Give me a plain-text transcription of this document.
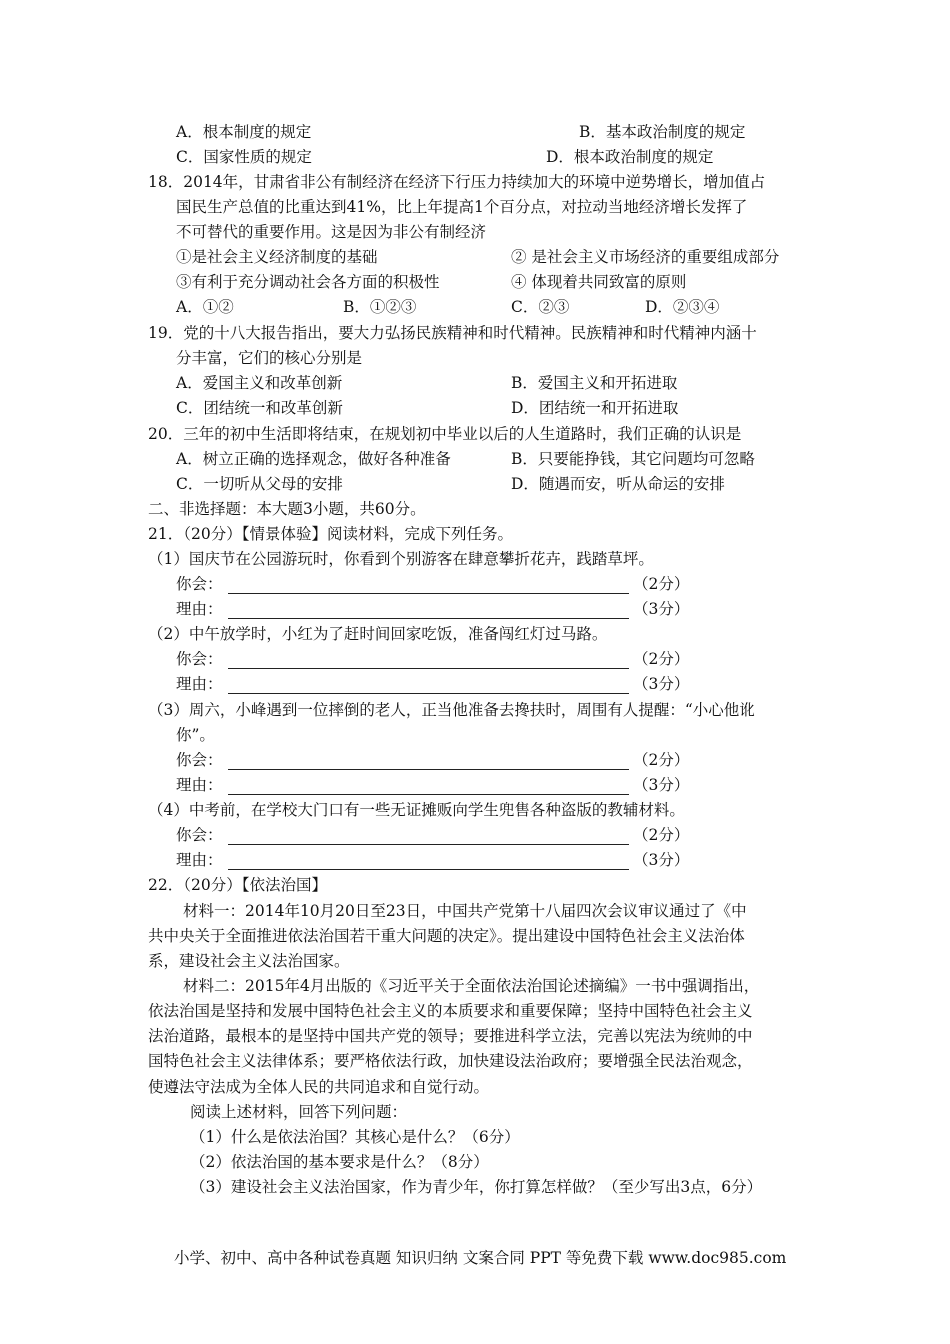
A．根本制度的规定	B．基本政治制度的规定
C．国家性质的规定	D．根本政治制度的规定
18．2014年，甘肃省非公有制经济在经济下行压力持续加大的环境中逆势增长，增加值占
国民生产总值的比重达到41%，比上年提高1个百分点，对拉动当地经济增长发挥了
不可替代的重要作用。这是因为非公有制经济
①是社会主义经济制度的基础	② 是社会主义市场经济的重要组成部分
③有利于充分调动社会各方面的积极性	④ 体现着共同致富的原则
A．①②	B．①②③	C．②③	D．②③④
19．党的十八大报告指出，要大力弘扬民族精神和时代精神。民族精神和时代精神内涵十
分丰富，它们的核心分别是
A．爱国主义和改革创新	B．爱国主义和开拓进取
C．团结统一和改革创新	D．团结统一和开拓进取
20．三年的初中生活即将结束，在规划初中毕业以后的人生道路时，我们正确的认识是
A．树立正确的选择观念，做好各种准备	B．只要能挣钱，其它问题均可忽略
C．一切听从父母的安排	D．随遇而安，听从命运的安排
二、非选择题：本大题3小题，共60分。
21．（20分）【情景体验】阅读材料，完成下列任务。
（1）国庆节在公园游玩时，你看到个别游客在肆意攀折花卉，践踏草坪。
你会：	（2分）
理由：	（3分）
（2）中午放学时，小红为了赶时间回家吃饭，准备闯红灯过马路。
你会：	（2分）
理由：	（3分）
（3）周六，小峰遇到一位摔倒的老人，正当他准备去搀扶时，周围有人提醒：“小心他讹
你”。
你会：	（2分）
理由：	（3分）
（4）中考前，在学校大门口有一些无证摊贩向学生兜售各种盗版的教辅材料。
你会：	（2分）
理由：	（3分）
22．（20分）【依法治国】
材料一：2014年10月20日至23日，中国共产党第十八届四次会议审议通过了《中
共中央关于全面推进依法治国若干重大问题的决定》。提出建设中国特色社会主义法治体
系，建设社会主义法治国家。
材料二：2015年4月出版的《习近平关于全面依法治国论述摘编》一书中强调指出，
依法治国是坚持和发展中国特色社会主义的本质要求和重要保障；坚持中国特色社会主义
法治道路，最根本的是坚持中国共产党的领导；要推进科学立法，完善以宪法为统帅的中
国特色社会主义法律体系；要严格依法行政，加快建设法治政府；要增强全民法治观念，
使遵法守法成为全体人民的共同追求和自觉行动。
阅读上述材料，回答下列问题：
（1）什么是依法治国？其核心是什么？（6分）
（2）依法治国的基本要求是什么？（8分）
（3）建设社会主义法治国家，作为青少年，你打算怎样做？（至少写出3点，6分）
小学、初中、高中各种试卷真题 知识归纳 文案合同 PPT 等免费下载 www.doc985.com
